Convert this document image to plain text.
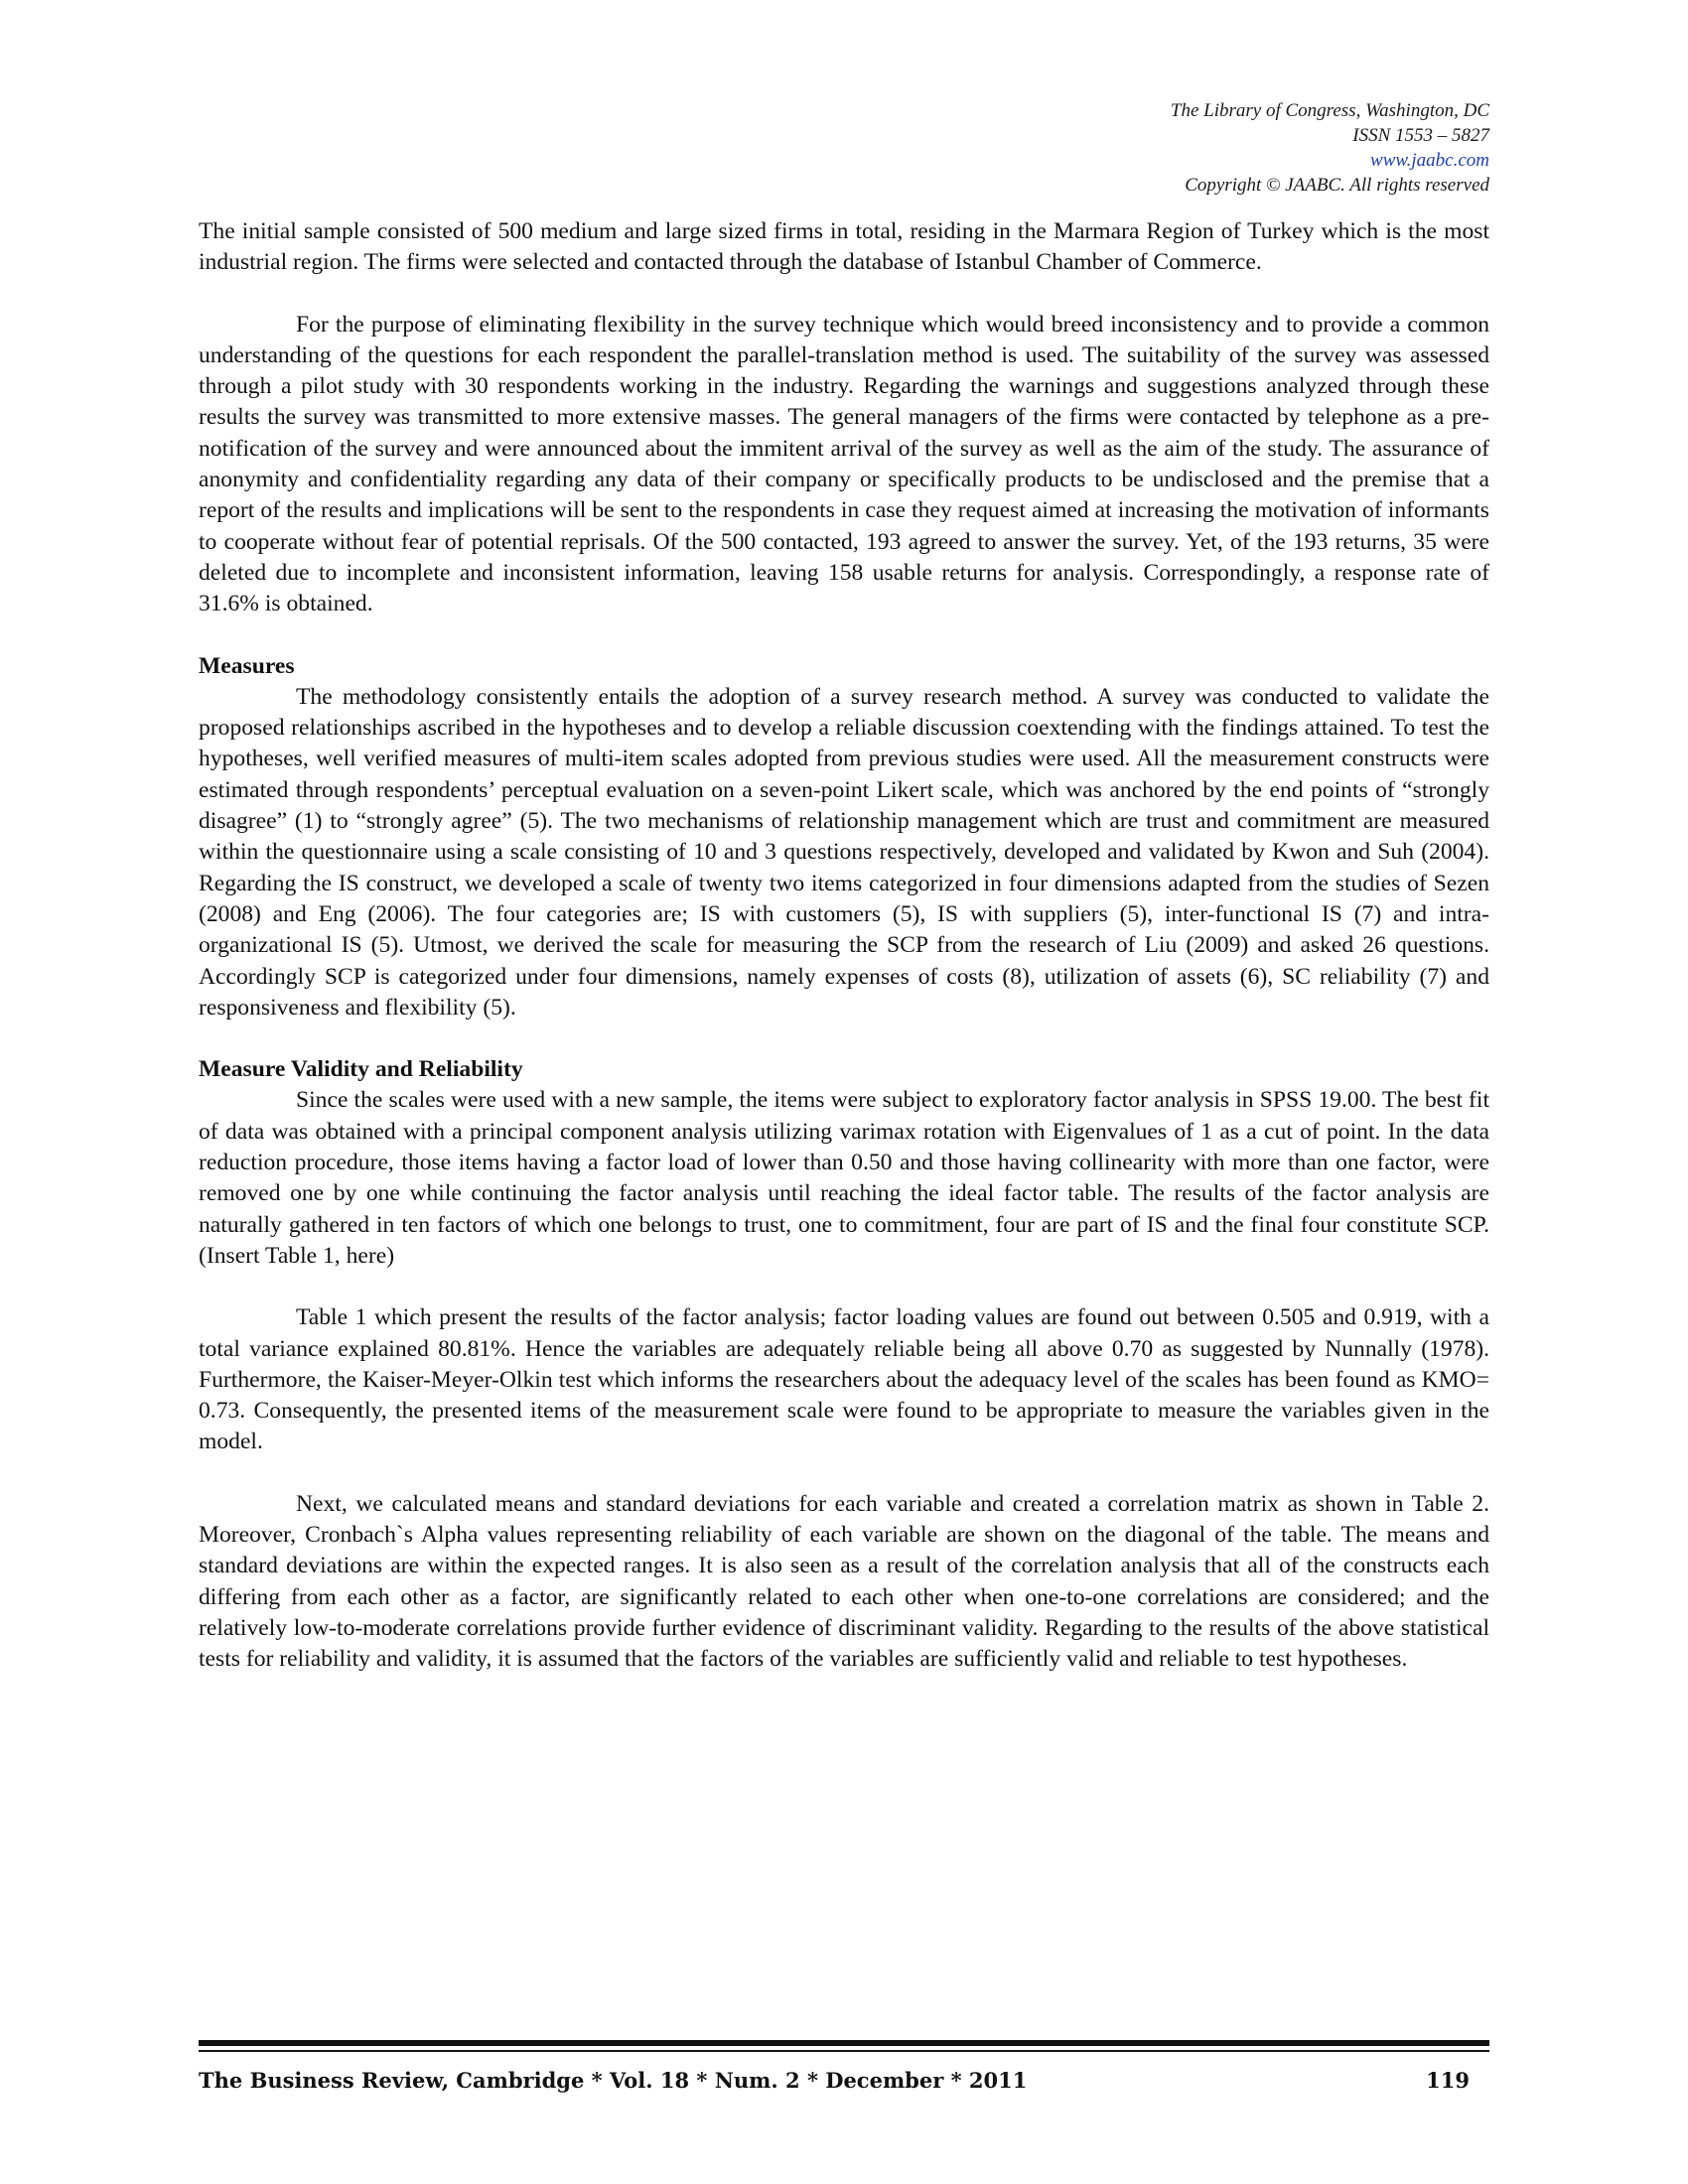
The Library of Congress, Washington, DC
ISSN 1553 – 5827
www.jaabc.com
Copyright © JAABC. All rights reserved

The initial sample consisted of 500 medium and large sized firms in total, residing in the Marmara Region of Turkey which is the most industrial region. The firms were selected and contacted through the database of Istanbul Chamber of Commerce.

For the purpose of eliminating flexibility in the survey technique which would breed inconsistency and to provide a common understanding of the questions for each respondent the parallel-translation method is used. The suitability of the survey was assessed through a pilot study with 30 respondents working in the industry. Regarding the warnings and suggestions analyzed through these results the survey was transmitted to more extensive masses. The general managers of the firms were contacted by telephone as a pre-notification of the survey and were announced about the immitent arrival of the survey as well as the aim of the study. The assurance of anonymity and confidentiality regarding any data of their company or specifically products to be undisclosed and the premise that a report of the results and implications will be sent to the respondents in case they request aimed at increasing the motivation of informants to cooperate without fear of potential reprisals. Of the 500 contacted, 193 agreed to answer the survey. Yet, of the 193 returns, 35 were deleted due to incomplete and inconsistent information, leaving 158 usable returns for analysis. Correspondingly, a response rate of 31.6% is obtained.

Measures

The methodology consistently entails the adoption of a survey research method. A survey was conducted to validate the proposed relationships ascribed in the hypotheses and to develop a reliable discussion coextending with the findings attained. To test the hypotheses, well verified measures of multi-item scales adopted from previous studies were used. All the measurement constructs were estimated through respondents’ perceptual evaluation on a seven-point Likert scale, which was anchored by the end points of “strongly disagree” (1) to “strongly agree” (5). The two mechanisms of relationship management which are trust and commitment are measured within the questionnaire using a scale consisting of 10 and 3 questions respectively, developed and validated by Kwon and Suh (2004). Regarding the IS construct, we developed a scale of twenty two items categorized in four dimensions adapted from the studies of Sezen (2008) and Eng (2006). The four categories are; IS with customers (5), IS with suppliers (5), inter-functional IS (7) and intra-organizational IS (5). Utmost, we derived the scale for measuring the SCP from the research of Liu (2009) and asked 26 questions. Accordingly SCP is categorized under four dimensions, namely expenses of costs (8), utilization of assets (6), SC reliability (7) and responsiveness and flexibility (5).

Measure Validity and Reliability

Since the scales were used with a new sample, the items were subject to exploratory factor analysis in SPSS 19.00. The best fit of data was obtained with a principal component analysis utilizing varimax rotation with Eigenvalues of 1 as a cut of point. In the data reduction procedure, those items having a factor load of lower than 0.50 and those having collinearity with more than one factor, were removed one by one while continuing the factor analysis until reaching the ideal factor table. The results of the factor analysis are naturally gathered in ten factors of which one belongs to trust, one to commitment, four are part of IS and the final four constitute SCP. (Insert Table 1, here)

Table 1 which present the results of the factor analysis; factor loading values are found out between 0.505 and 0.919, with a total variance explained 80.81%. Hence the variables are adequately reliable being all above 0.70 as suggested by Nunnally (1978). Furthermore, the Kaiser-Meyer-Olkin test which informs the researchers about the adequacy level of the scales has been found as KMO= 0.73. Consequently, the presented items of the measurement scale were found to be appropriate to measure the variables given in the model.

Next, we calculated means and standard deviations for each variable and created a correlation matrix as shown in Table 2. Moreover, Cronbach`s Alpha values representing reliability of each variable are shown on the diagonal of the table. The means and standard deviations are within the expected ranges. It is also seen as a result of the correlation analysis that all of the constructs each differing from each other as a factor, are significantly related to each other when one-to-one correlations are considered; and the relatively low-to-moderate correlations provide further evidence of discriminant validity. Regarding to the results of the above statistical tests for reliability and validity, it is assumed that the factors of the variables are sufficiently valid and reliable to test hypotheses.

The Business Review, Cambridge * Vol. 18 * Num. 2 * December * 2011	119
